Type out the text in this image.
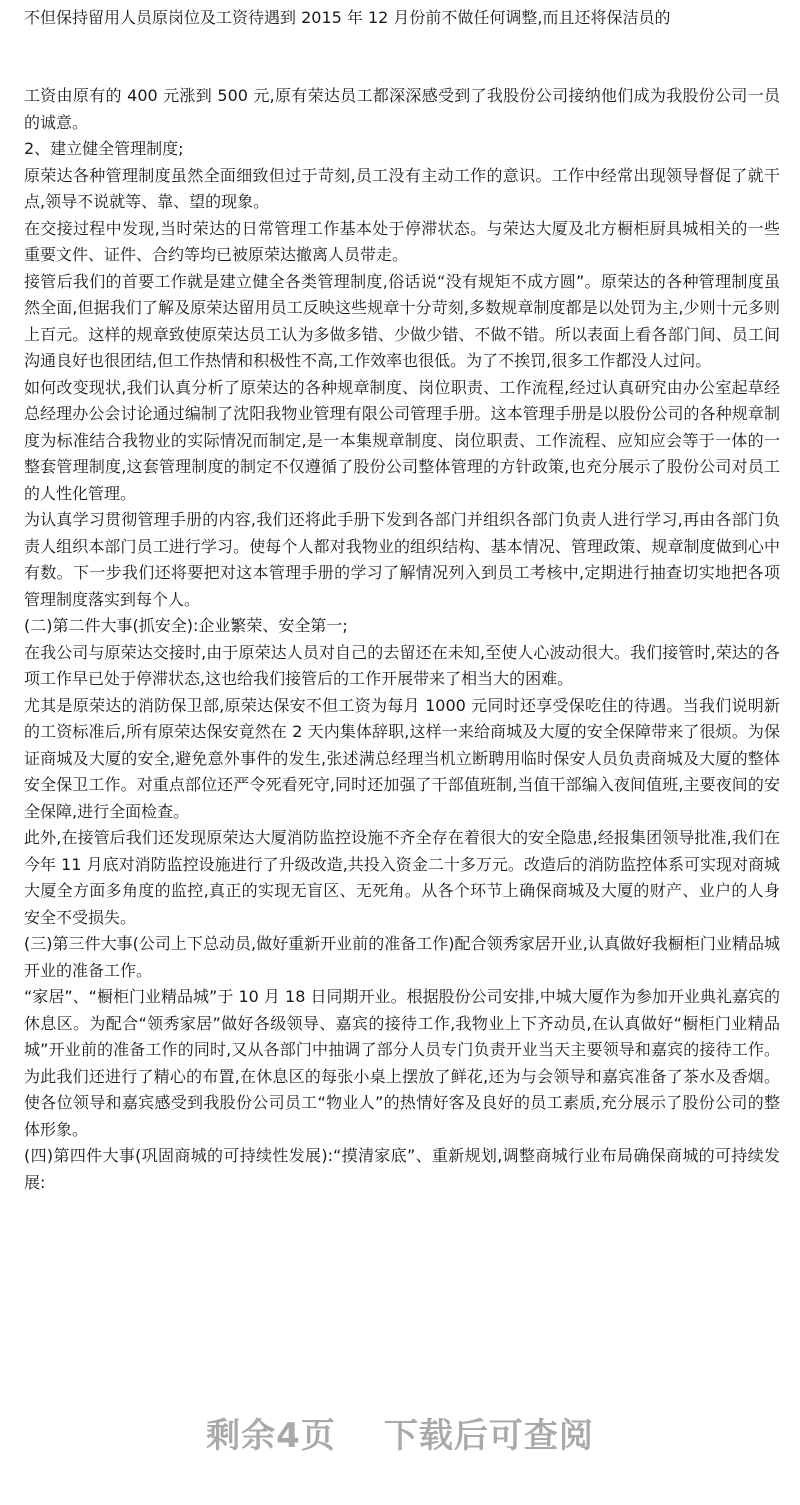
不但保持留用人员原岗位及工资待遇到 2015 年 12 月份前不做任何调整,而且还将保洁员的

工资由原有的 400 元涨到 500 元,原有荣达员工都深深感受到了我股份公司接纳他们成为我股份公司一员的诚意。

2、建立健全管理制度;

原荣达各种管理制度虽然全面细致但过于苛刻,员工没有主动工作的意识。工作中经常出现领导督促了就干点,领导不说就等、靠、望的现象。

在交接过程中发现,当时荣达的日常管理工作基本处于停滞状态。与荣达大厦及北方橱柜厨具城相关的一些重要文件、证件、合约等均已被原荣达撤离人员带走。

接管后我们的首要工作就是建立健全各类管理制度,俗话说“没有规矩不成方圆”。原荣达的各种管理制度虽然全面,但据我们了解及原荣达留用员工反映这些规章十分苛刻,多数规章制度都是以处罚为主,少则十元多则上百元。这样的规章致使原荣达员工认为多做多错、少做少错、不做不错。所以表面上看各部门间、员工间沟通良好也很团结,但工作热情和积极性不高,工作效率也很低。为了不挨罚,很多工作都没人过问。

如何改变现状,我们认真分析了原荣达的各种规章制度、岗位职责、工作流程,经过认真研究由办公室起草经总经理办公会讨论通过编制了沈阳我物业管理有限公司管理手册。这本管理手册是以股份公司的各种规章制度为标准结合我物业的实际情况而制定,是一本集规章制度、岗位职责、工作流程、应知应会等于一体的一整套管理制度,这套管理制度的制定不仅遵循了股份公司整体管理的方针政策,也充分展示了股份公司对员工的人性化管理。

为认真学习贯彻管理手册的内容,我们还将此手册下发到各部门并组织各部门负责人进行学习,再由各部门负责人组织本部门员工进行学习。使每个人都对我物业的组织结构、基本情况、管理政策、规章制度做到心中有数。下一步我们还将要把对这本管理手册的学习了解情况列入到员工考核中,定期进行抽查切实地把各项管理制度落实到每个人。

(二)第二件大事(抓安全):企业繁荣、安全第一;

在我公司与原荣达交接时,由于原荣达人员对自己的去留还在未知,至使人心波动很大。我们接管时,荣达的各项工作早已处于停滞状态,这也给我们接管后的工作开展带来了相当大的困难。

尤其是原荣达的消防保卫部,原荣达保安不但工资为每月 1000 元同时还享受保吃住的待遇。当我们说明新的工资标准后,所有原荣达保安竟然在 2 天内集体辞职,这样一来给商城及大厦的安全保障带来了很烦。为保证商城及大厦的安全,避免意外事件的发生,张述满总经理当机立断聘用临时保安人员负责商城及大厦的整体安全保卫工作。对重点部位还严令死看死守,同时还加强了干部值班制,当值干部编入夜间值班,主要夜间的安全保障,进行全面检查。

此外,在接管后我们还发现原荣达大厦消防监控设施不齐全存在着很大的安全隐患,经报集团领导批准,我们在今年 11 月底对消防监控设施进行了升级改造,共投入资金二十多万元。改造后的消防监控体系可实现对商城大厦全方面多角度的监控,真正的实现无盲区、无死角。从各个环节上确保商城及大厦的财产、业户的人身安全不受损失。

(三)第三件大事(公司上下总动员,做好重新开业前的准备工作)配合领秀家居开业,认真做好我橱柜门业精品城开业的准备工作。

“家居”、“橱柜门业精品城”于 10 月 18 日同期开业。根据股份公司安排,中城大厦作为参加开业典礼嘉宾的休息区。为配合“领秀家居”做好各级领导、嘉宾的接待工作,我物业上下齐动员,在认真做好“橱柜门业精品城”开业前的准备工作的同时,又从各部门中抽调了部分人员专门负责开业当天主要领导和嘉宾的接待工作。为此我们还进行了精心的布置,在休息区的每张小桌上摆放了鲜花,还为与会领导和嘉宾准备了茶水及香烟。使各位领导和嘉宾感受到我股份公司员工“物业人”的热情好客及良好的员工素质,充分展示了股份公司的整体形象。

(四)第四件大事(巩固商城的可持续性发展):“摸清家底”、重新规划,调整商城行业布局确保商城的可持续发展:

剩余4页 下载后可查阅
